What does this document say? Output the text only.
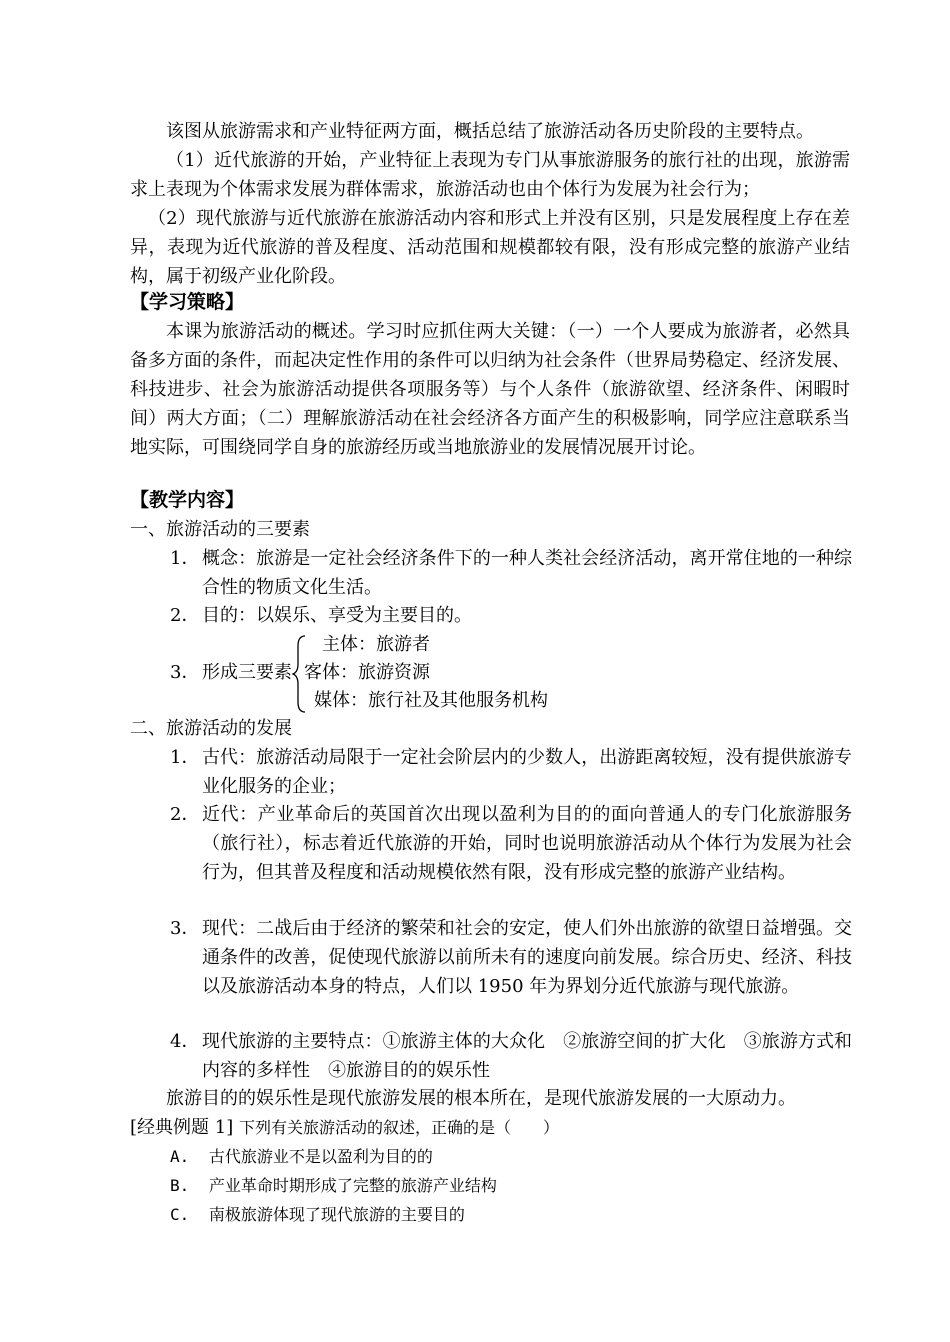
该图从旅游需求和产业特征两方面，概括总结了旅游活动各历史阶段的主要特点。

（1）近代旅游的开始，产业特征上表现为专门从事旅游服务的旅行社的出现，旅游需求上表现为个体需求发展为群体需求，旅游活动也由个体行为发展为社会行为；

（2）现代旅游与近代旅游在旅游活动内容和形式上并没有区别，只是发展程度上存在差异，表现为近代旅游的普及程度、活动范围和规模都较有限，没有形成完整的旅游产业结构，属于初级产业化阶段。

【学习策略】

本课为旅游活动的概述。学习时应抓住两大关键：（一）一个人要成为旅游者，必然具备多方面的条件，而起决定性作用的条件可以归纳为社会条件（世界局势稳定、经济发展、科技进步、社会为旅游活动提供各项服务等）与个人条件（旅游欲望、经济条件、闲暇时间）两大方面；（二）理解旅游活动在社会经济各方面产生的积极影响，同学应注意联系当地实际，可围绕同学自身的旅游经历或当地旅游业的发展情况展开讨论。

【教学内容】
一、旅游活动的三要素
1． 概念：旅游是一定社会经济条件下的一种人类社会经济活动，离开常住地的一种综合性的物质文化生活。
2． 目的：以娱乐、享受为主要目的。
3． 形成三要素
主体：旅游者
客体：旅游资源
媒体：旅行社及其他服务机构
二、旅游活动的发展
1． 古代：旅游活动局限于一定社会阶层内的少数人，出游距离较短，没有提供旅游专业化服务的企业；
2． 近代：产业革命后的英国首次出现以盈利为目的的面向普通人的专门化旅游服务（旅行社），标志着近代旅游的开始，同时也说明旅游活动从个体行为发展为社会行为，但其普及程度和活动规模依然有限，没有形成完整的旅游产业结构。
3． 现代：二战后由于经济的繁荣和社会的安定，使人们外出旅游的欲望日益增强。交通条件的改善，促使现代旅游以前所未有的速度向前发展。综合历史、经济、科技以及旅游活动本身的特点，人们以 1950 年为界划分近代旅游与现代旅游。
4． 现代旅游的主要特点：①旅游主体的大众化　②旅游空间的扩大化　③旅游方式和内容的多样性　④旅游目的的娱乐性
旅游目的的娱乐性是现代旅游发展的根本所在，是现代旅游发展的一大原动力。
[经典例题 1] 下列有关旅游活动的叙述，正确的是（　　）
A. 古代旅游业不是以盈利为目的的
B. 产业革命时期形成了完整的旅游产业结构
C. 南极旅游体现了现代旅游的主要目的
